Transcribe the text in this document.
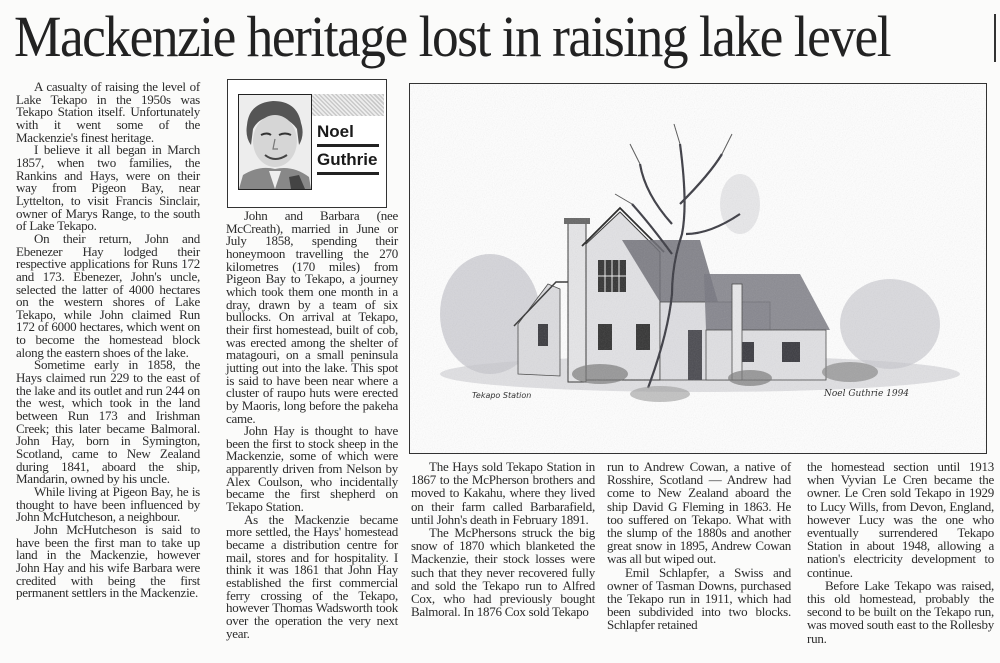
Mackenzie heritage lost in raising lake level

A casualty of raising the level of Lake Tekapo in the 1950s was Tekapo Station itself. Unfortunately with it went some of the Mackenzie's finest heritage.

I believe it all began in March 1857, when two families, the Rankins and Hays, were on their way from Pigeon Bay, near Lyttelton, to visit Francis Sinclair, owner of Marys Range, to the south of Lake Tekapo.

On their return, John and Ebenezer Hay lodged their respective applications for Runs 172 and 173. Ebenezer, John's uncle, selected the latter of 4000 hectares on the western shores of Lake Tekapo, while John claimed Run 172 of 6000 hectares, which went on to become the homestead block along the eastern shoes of the lake.

Sometime early in 1858, the Hays claimed run 229 to the east of the lake and its outlet and run 244 on the west, which took in the land between Run 173 and Irishman Creek; this later became Balmoral. John Hay, born in Symington, Scotland, came to New Zealand during 1841, aboard the ship, Mandarin, owned by his uncle.

While living at Pigeon Bay, he is thought to have been influenced by John McHutcheson, a neighbour.

John McHutcheson is said to have been the first man to take up land in the Mackenzie, however John Hay and his wife Barbara were credited with being the first permanent settlers in the Mackenzie.

Noel
Guthrie

John and Barbara (nee McCreath), married in June or July 1858, spending their honeymoon travelling the 270 kilometres (170 miles) from Pigeon Bay to Tekapo, a journey which took them one month in a dray, drawn by a team of six bullocks. On arrival at Tekapo, their first homestead, built of cob, was erected among the shelter of matagouri, on a small peninsula jutting out into the lake. This spot is said to have been near where a cluster of raupo huts were erected by Maoris, long before the pakeha came.

John Hay is thought to have been the first to stock sheep in the Mackenzie, some of which were apparently driven from Nelson by Alex Coulson, who incidentally became the first shepherd on Tekapo Station.

As the Mackenzie became more settled, the Hays' homestead became a distribution centre for mail, stores and for hospitality. I think it was 1861 that John Hay established the first commercial ferry crossing of the Tekapo, however Thomas Wadsworth took over the operation the very next year.

Tekapo Station	Noel Guthrie 1994

The Hays sold Tekapo Station in 1867 to the McPherson brothers and moved to Kakahu, where they lived on their farm called Barbarafield, until John's death in February 1891.

The McPhersons struck the big snow of 1870 which blanketed the Mackenzie, their stock losses were such that they never recovered fully and sold the Tekapo run to Alfred Cox, who had previously bought Balmoral. In 1876 Cox sold Tekapo

run to Andrew Cowan, a native of Rosshire, Scotland — Andrew had come to New Zealand aboard the ship David G Fleming in 1863. He too suffered on Tekapo. What with the slump of the 1880s and another great snow in 1895, Andrew Cowan was all but wiped out.

Emil Schlapfer, a Swiss and owner of Tasman Downs, purchased the Tekapo run in 1911, which had been subdivided into two blocks. Schlapfer retained

the homestead section until 1913 when Vyvian Le Cren became the owner. Le Cren sold Tekapo in 1929 to Lucy Wills, from Devon, England, however Lucy was the one who eventually surrendered Tekapo Station in about 1948, allowing a nation's electricity development to continue.

Before Lake Tekapo was raised, this old homestead, probably the second to be built on the Tekapo run, was moved south east to the Rollesby run.
